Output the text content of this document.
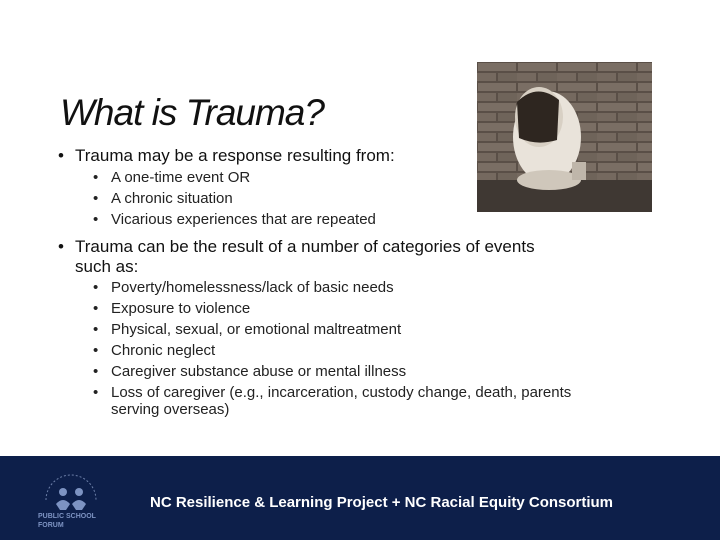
What is Trauma?
• Trauma may be a response resulting from:
• A one-time event OR
• A chronic situation
• Vicarious experiences that are repeated
• Trauma can be the result of a number of categories of events
such as:
• Poverty/homelessness/lack of basic needs
• Exposure to violence
• Physical, sexual, or emotional maltreatment
• Chronic neglect
• Caregiver substance abuse or mental illness
• Loss of caregiver (e.g., incarceration, custody change, death, parents
serving overseas)
PUBLIC SCHOOL
FORUM
NC Resilience & Learning Project + NC Racial Equity Consortium
